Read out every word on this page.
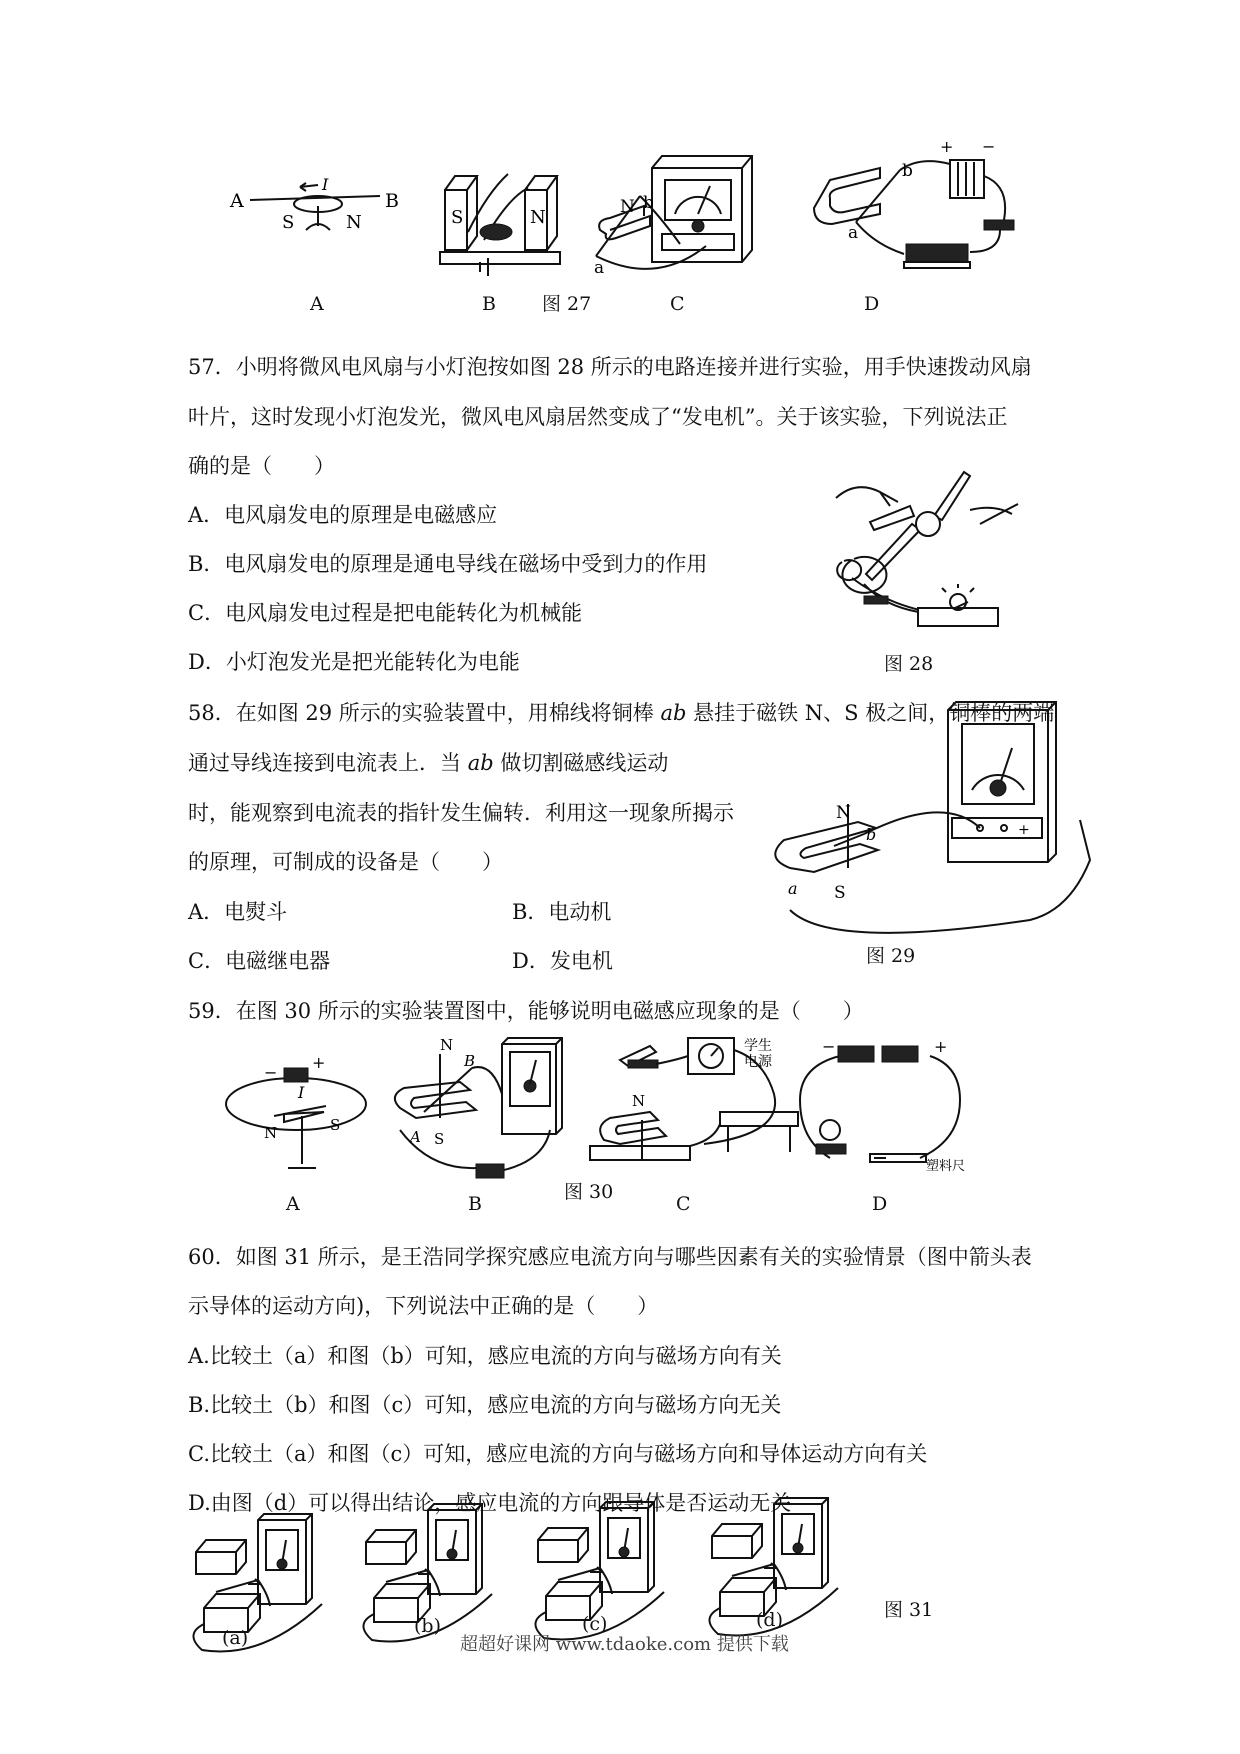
A	B
I
S	N	S	N	N b
a
+ −
b
a
A	B 图 27	C	D
57．小明将微风电风扇与小灯泡按如图 28 所示的电路连接并进行实验，用手快速拨动风扇
叶片，这时发现小灯泡发光，微风电风扇居然变成了“发电机”。关于该实验，下列说法正
确的是（　　）
A．电风扇发电的原理是电磁感应
B．电风扇发电的原理是通电导线在磁场中受到力的作用
C．电风扇发电过程是把电能转化为机械能
D．小灯泡发光是把光能转化为电能	图 28
58．在如图 29 所示的实验装置中，用棉线将铜棒 ab 悬挂于磁铁 N、S 极之间，铜棒的两端
通过导线连接到电流表上．当 ab 做切割磁感线运动
时，能观察到电流表的指针发生偏转．利用这一现象所揭示
的原理，可制成的设备是（　　）
A．电熨斗	B．电动机
C．电磁继电器	D．发电机
+
N
b
a S
图 29
59．在图 30 所示的实验装置图中，能够说明电磁感应现象的是（　　）
−
+
I
N	S
N
B
A S
N
学生
电源
−	+
塑料尺
A	B
图 30
C	D
60．如图 31 所示，是王浩同学探究感应电流方向与哪些因素有关的实验情景（图中箭头表
示导体的运动方向)，下列说法中正确的是（　　）
A.比较土（a）和图（b）可知，感应电流的方向与磁场方向有关
B.比较土（b）和图（c）可知，感应电流的方向与磁场方向无关
C.比较土（a）和图（c）可知，感应电流的方向与磁场方向和导体运动方向有关
D.由图（d）可以得出结论，感应电流的方向跟导体是否运动无关
(a)
(b)	(c)	(d)	图 31
超超好课网 www.tdaoke.com 提供下载
